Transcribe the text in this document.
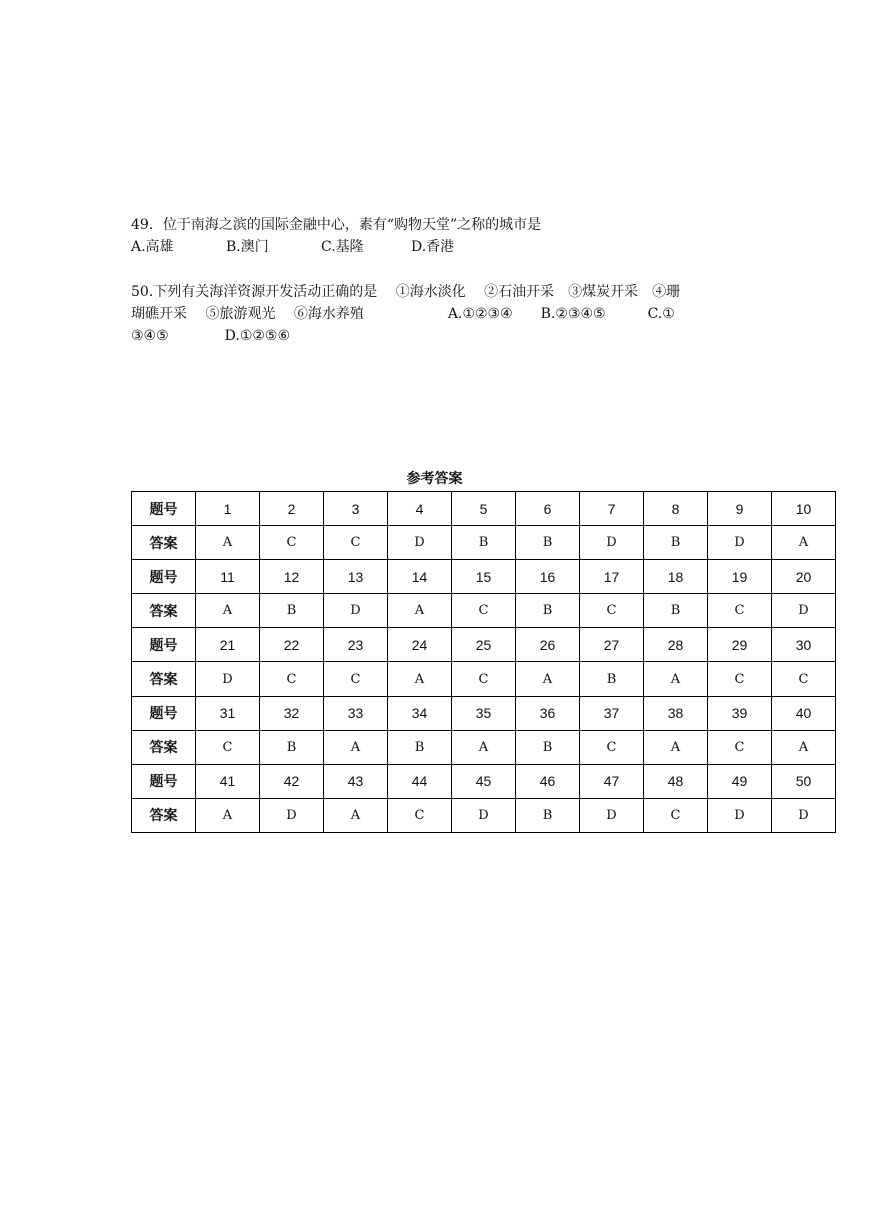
49．位于南海之滨的国际金融中心，素有“购物天堂”之称的城市是
A.高雄	B.澳门	C.基隆	D.香港
50.下列有关海洋资源开发活动正确的是　 ①海水淡化　 ②石油开采　③煤炭开采　④珊
瑚礁开采　 ⑤旅游观光　 ⑥海水养殖　　　　　　A.①②③④　　B.②③④⑤　　　C.①
③④⑤　　　　D.①②⑤⑥
参考答案
题号	1	2	3	4	5	6	7	8	9	10
答案	A	C	C	D	B	B	D	B	D	A
题号	11	12	13	14	15	16	17	18	19	20
答案	A	B	D	A	C	B	C	B	C	D
题号	21	22	23	24	25	26	27	28	29	30
答案	D	C	C	A	C	A	B	A	C	C
题号	31	32	33	34	35	36	37	38	39	40
答案	C	B	A	B	A	B	C	A	C	A
题号	41	42	43	44	45	46	47	48	49	50
答案	A	D	A	C	D	B	D	C	D	D
